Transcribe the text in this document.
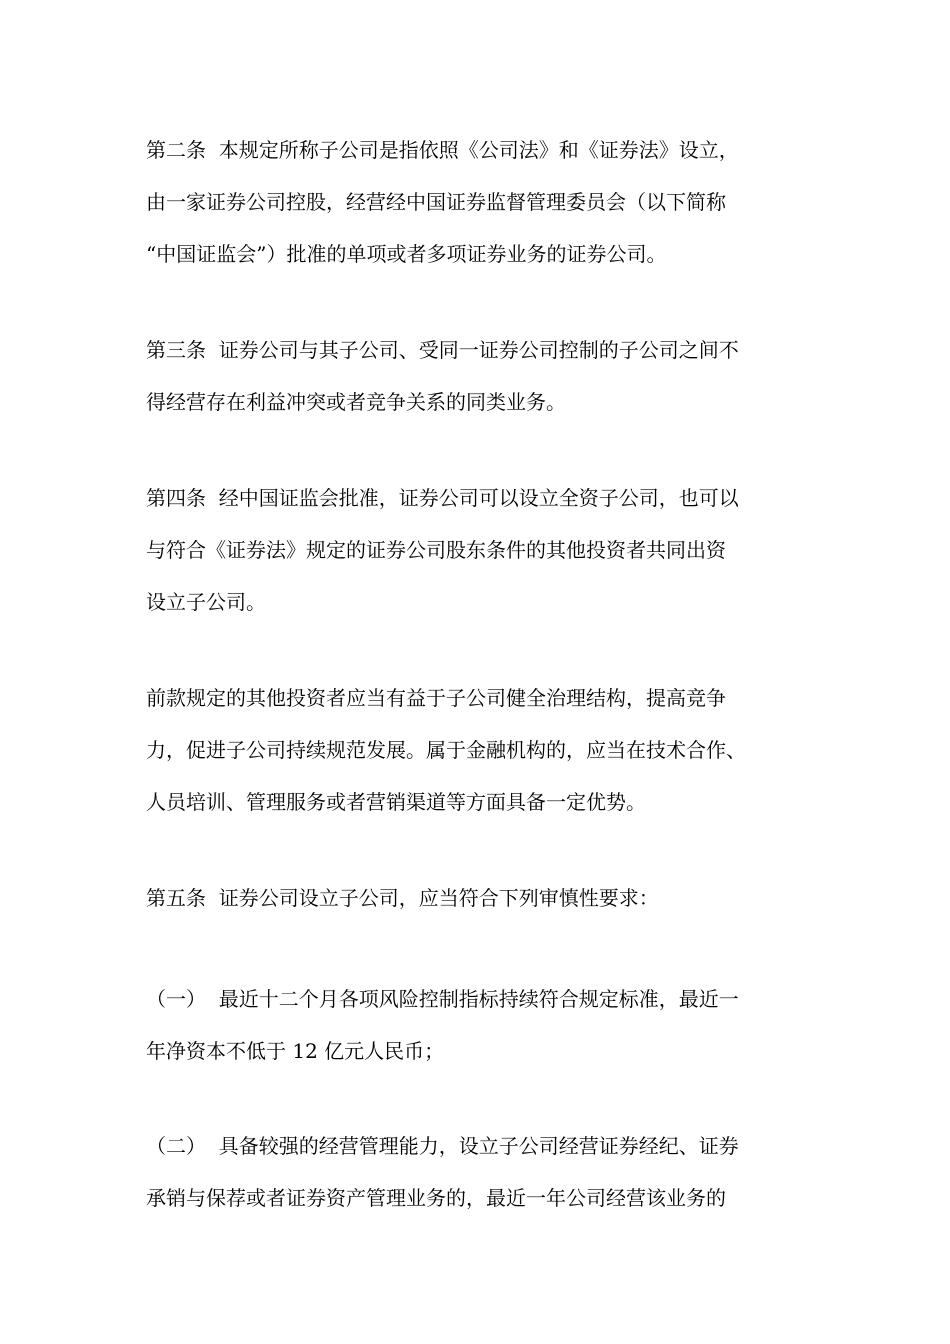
第二条  本规定所称子公司是指依照《公司法》和《证券法》设立，
由一家证券公司控股，经营经中国证券监督管理委员会（以下简称
“中国证监会”）批准的单项或者多项证券业务的证券公司。
第三条  证券公司与其子公司、受同一证券公司控制的子公司之间不
得经营存在利益冲突或者竞争关系的同类业务。
第四条  经中国证监会批准，证券公司可以设立全资子公司，也可以
与符合《证券法》规定的证券公司股东条件的其他投资者共同出资
设立子公司。
前款规定的其他投资者应当有益于子公司健全治理结构，提高竞争
力，促进子公司持续规范发展。属于金融机构的，应当在技术合作、
人员培训、管理服务或者营销渠道等方面具备一定优势。
第五条  证券公司设立子公司，应当符合下列审慎性要求：
（一）  最近十二个月各项风险控制指标持续符合规定标准，最近一
年净资本不低于 12 亿元人民币；
（二）  具备较强的经营管理能力，设立子公司经营证券经纪、证券
承销与保荐或者证券资产管理业务的，最近一年公司经营该业务的
